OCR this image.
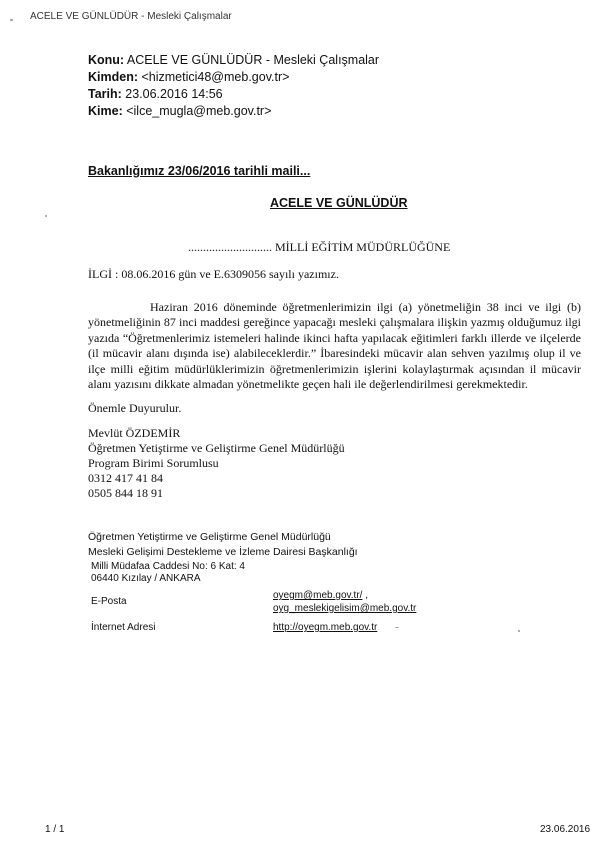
ACELE VE GÜNLÜDÜR - Mesleki Çalışmalar
Konu: ACELE VE GÜNLÜDÜR - Mesleki Çalışmalar
Kimden: <hizmetici48@meb.gov.tr>
Tarih: 23.06.2016 14:56
Kime: <ilce_mugla@meb.gov.tr>
Bakanlığımız 23/06/2016 tarihli maili...
ACELE VE GÜNLÜDÜR
............................ MİLLİ EĞİTİM MÜDÜRLÜĞÜNE
İLGİ : 08.06.2016 gün ve E.6309056 sayılı yazımız.
Haziran 2016 döneminde öğretmenlerimizin ilgi (a) yönetmeliğin 38 inci ve ilgi (b) yönetmeliğinin 87 inci maddesi gereğince yapacağı mesleki çalışmalara ilişkin yazmış olduğumuz ilgi yazıda “Öğretmenlerimiz istemeleri halinde ikinci hafta yapılacak eğitimleri farklı illerde ve ilçelerde (il mücavir alanı dışında ise) alabileceklerdir.” İbaresindeki mücavir alan sehven yazılmış olup il ve ilçe milli eğitim müdürlüklerimizin öğretmenlerimizin işlerini kolaylaştırmak açısından il mücavir alanı yazısını dikkate almadan yönetmelikte geçen hali ile değerlendirilmesi gerekmektedir.
Önemle Duyurulur.
Mevlüt ÖZDEMİR
Öğretmen Yetiştirme ve Geliştirme Genel Müdürlüğü
Program Birimi Sorumlusu
0312 417 41 84
0505 844 18 91
Öğretmen Yetiştirme ve Geliştirme Genel Müdürlüğü
Mesleki Gelişimi Destekleme ve İzleme Dairesi Başkanlığı
Milli Müdafaa Caddesi No: 6 Kat: 4
06440 Kızılay / ANKARA
E-Posta
oyegm@meb.gov.tr/ ,
oyg_meslekigelisim@meb.gov.tr
İnternet Adresi	http://oyegm.meb.gov.tr
1 / 1	23.06.2016
